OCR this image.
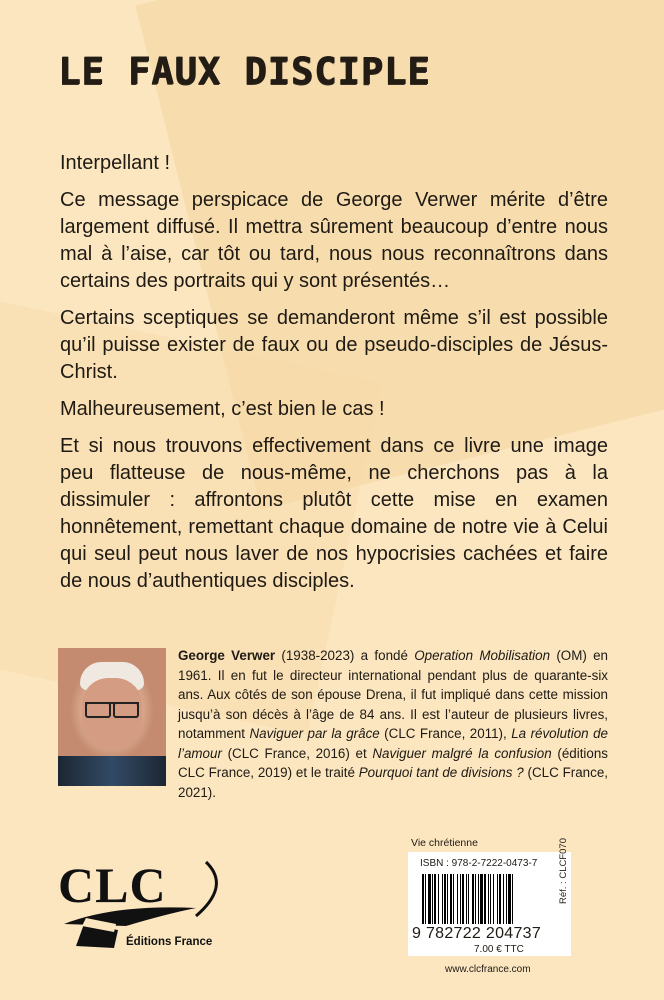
LE FAUX DISCIPLE

Interpellant !

Ce message perspicace de George Verwer mérite d’être largement diffusé. Il mettra sûrement beaucoup d’entre nous mal à l’aise, car tôt ou tard, nous nous reconnaîtrons dans certains des portraits qui y sont présentés…

Certains sceptiques se demanderont même s’il est possible qu’il puisse exister de faux ou de pseudo-disciples de Jésus-Christ.

Malheureusement, c’est bien le cas !

Et si nous trouvons effectivement dans ce livre une image peu flatteuse de nous-même, ne cherchons pas à la dissimuler : affrontons plutôt cette mise en examen honnêtement, remettant chaque domaine de notre vie à Celui qui seul peut nous laver de nos hypocrisies cachées et faire de nous d’authentiques disciples.

George Verwer (1938-2023) a fondé Operation Mobilisation (OM) en 1961. Il en fut le directeur international pendant plus de quarante-six ans. Aux côtés de son épouse Drena, il fut impliqué dans cette mission jusqu’à son décès à l’âge de 84 ans. Il est l’auteur de plusieurs livres, notamment Naviguer par la grâce (CLC France, 2011), La révolution de l’amour (CLC France, 2016) et Naviguer malgré la confusion (éditions CLC France, 2019) et le traité Pourquoi tant de divisions ? (CLC France, 2021).

CLC
Éditions France
Vie chrétienne
ISBN : 978-2-7222-0473-7
9 782722 204737
7.00 € TTC
Réf. : CLCF070
www.clcfrance.com
